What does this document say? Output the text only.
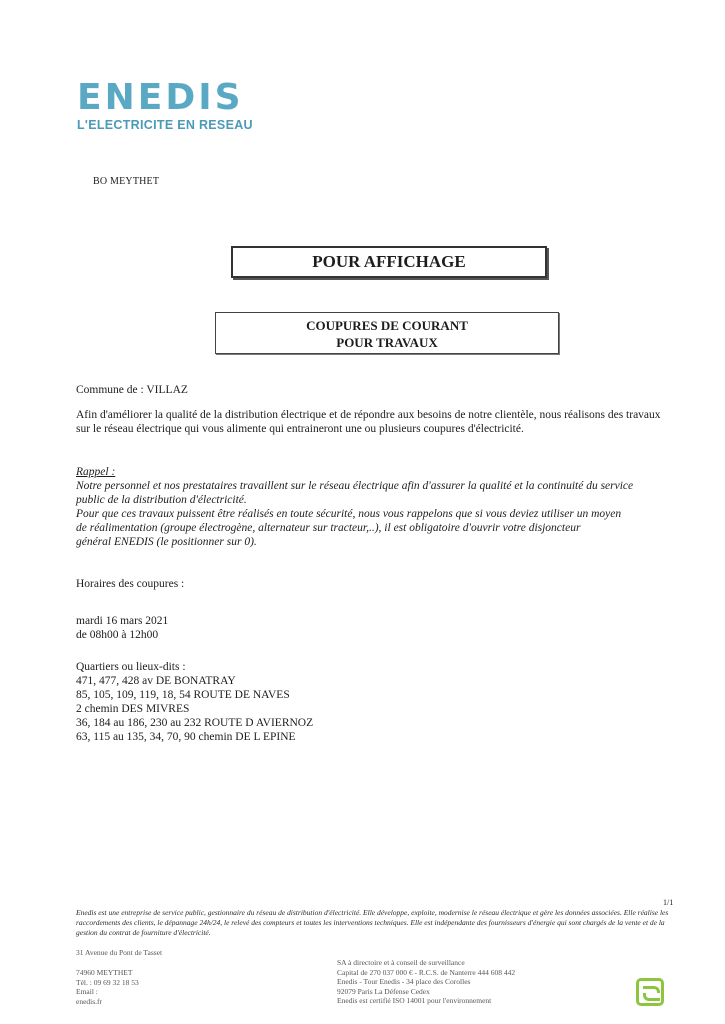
ENEDIS
L'ELECTRICITE EN RESEAU
BO MEYTHET
POUR AFFICHAGE
COUPURES DE COURANT
POUR TRAVAUX
Commune de : VILLAZ
Afin d'améliorer la qualité de la distribution électrique et de répondre aux besoins de notre clientèle, nous réalisons des travaux sur le réseau électrique qui vous alimente qui entraineront une ou plusieurs coupures d'électricité.
Rappel :
Notre personnel et nos prestataires travaillent sur le réseau électrique afin d'assurer la qualité et la continuité du service
public de la distribution d'électricité.
Pour que ces travaux puissent être réalisés en toute sécurité, nous vous rappelons que si vous deviez utiliser un moyen
de réalimentation (groupe électrogène, alternateur sur tracteur,..), il est obligatoire d'ouvrir votre disjoncteur
général ENEDIS (le positionner sur 0).
Horaires des coupures :
mardi 16 mars 2021
de 08h00 à 12h00
Quartiers ou lieux-dits :
471, 477, 428 av DE BONATRAY
85, 105, 109, 119, 18, 54 ROUTE DE NAVES
2 chemin DES MIVRES
36, 184 au 186, 230 au 232 ROUTE D AVIERNOZ
63, 115 au 135, 34, 70, 90 chemin DE L EPINE
1/1
Enedis est une entreprise de service public, gestionnaire du réseau de distribution d'électricité. Elle développe, exploite, modernise le réseau électrique et gère les données associées. Elle réalise les raccordements des clients, le dépannage 24h/24, le relevé des compteurs et toutes les interventions techniques. Elle est indépendante des fournisseurs d'énergie qui sont chargés de la vente et de la gestion du contrat de fourniture d'électricité.
31 Avenue du Pont de Tasset
74960 MEYTHET
Tél. : 09 69 32 18 53
Email :
enedis.fr
SA à directoire et à conseil de surveillance
Capital de 270 037 000 € - R.C.S. de Nanterre 444 608 442
Enedis - Tour Enedis - 34 place des Corolles
92079 Paris La Défense Cedex
Enedis est certifié ISO 14001 pour l'environnement
